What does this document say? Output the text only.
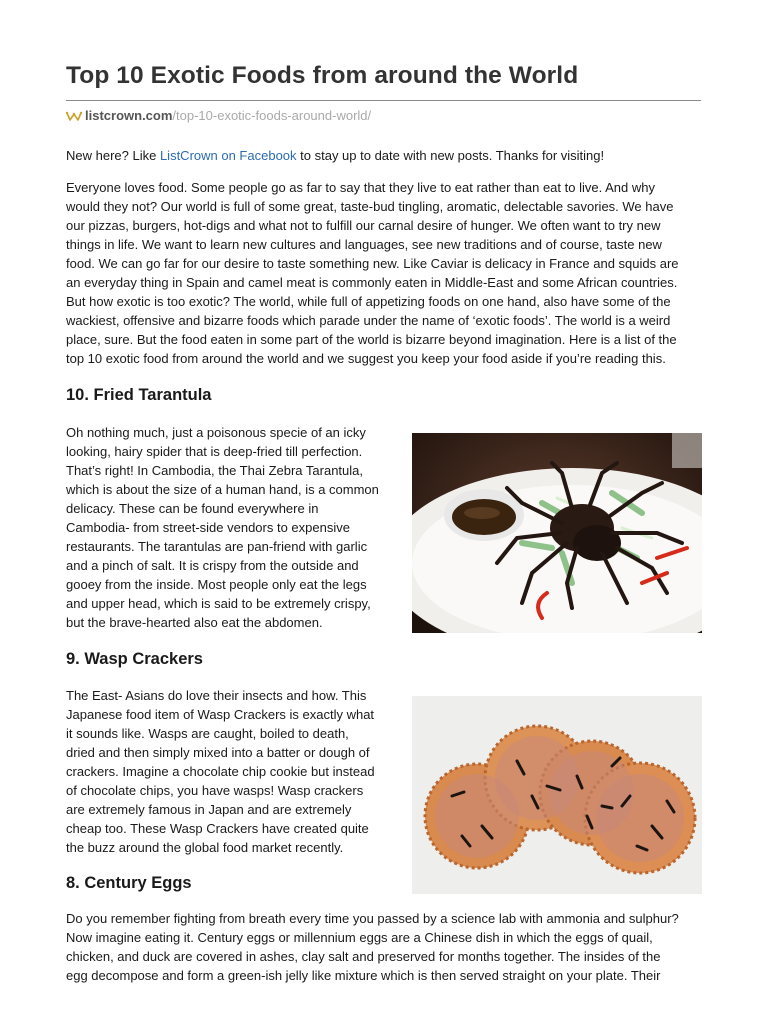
Top 10 Exotic Foods from around the World
listcrown.com/top-10-exotic-foods-around-world/

New here? Like ListCrown on Facebook to stay up to date with new posts. Thanks for visiting!

Everyone loves food. Some people go as far to say that they live to eat rather than eat to live. And why
would they not? Our world is full of some great, taste-bud tingling, aromatic, delectable savories. We have
our pizzas, burgers, hot-digs and what not to fulfill our carnal desire of hunger. We often want to try new
things in life. We want to learn new cultures and languages, see new traditions and of course, taste new
food. We can go far for our desire to taste something new. Like Caviar is delicacy in France and squids are
an everyday thing in Spain and camel meat is commonly eaten in Middle-East and some African countries.
But how exotic is too exotic? The world, while full of appetizing foods on one hand, also have some of the
wackiest, offensive and bizarre foods which parade under the name of ‘exotic foods’. The world is a weird
place, sure. But the food eaten in some part of the world is bizarre beyond imagination. Here is a list of the
top 10 exotic food from around the world and we suggest you keep your food aside if you’re reading this.

10. Fried Tarantula

Oh nothing much, just a poisonous specie of an icky
looking, hairy spider that is deep-fried till perfection.
That’s right! In Cambodia, the Thai Zebra Tarantula,
which is about the size of a human hand, is a common
delicacy. These can be found everywhere in
Cambodia- from street-side vendors to expensive
restaurants. The tarantulas are pan-friend with garlic
and a pinch of salt. It is crispy from the outside and
gooey from the inside. Most people only eat the legs
and upper head, which is said to be extremely crispy,
but the brave-hearted also eat the abdomen.

9. Wasp Crackers

The East- Asians do love their insects and how. This
Japanese food item of Wasp Crackers is exactly what
it sounds like. Wasps are caught, boiled to death,
dried and then simply mixed into a batter or dough of
crackers. Imagine a chocolate chip cookie but instead
of chocolate chips, you have wasps! Wasp crackers
are extremely famous in Japan and are extremely
cheap too. These Wasp Crackers have created quite
the buzz around the global food market recently.

8. Century Eggs

Do you remember fighting from breath every time you passed by a science lab with ammonia and sulphur?
Now imagine eating it. Century eggs or millennium eggs are a Chinese dish in which the eggs of quail,
chicken, and duck are covered in ashes, clay salt and preserved for months together. The insides of the
egg decompose and form a green-ish jelly like mixture which is then served straight on your plate. Their
